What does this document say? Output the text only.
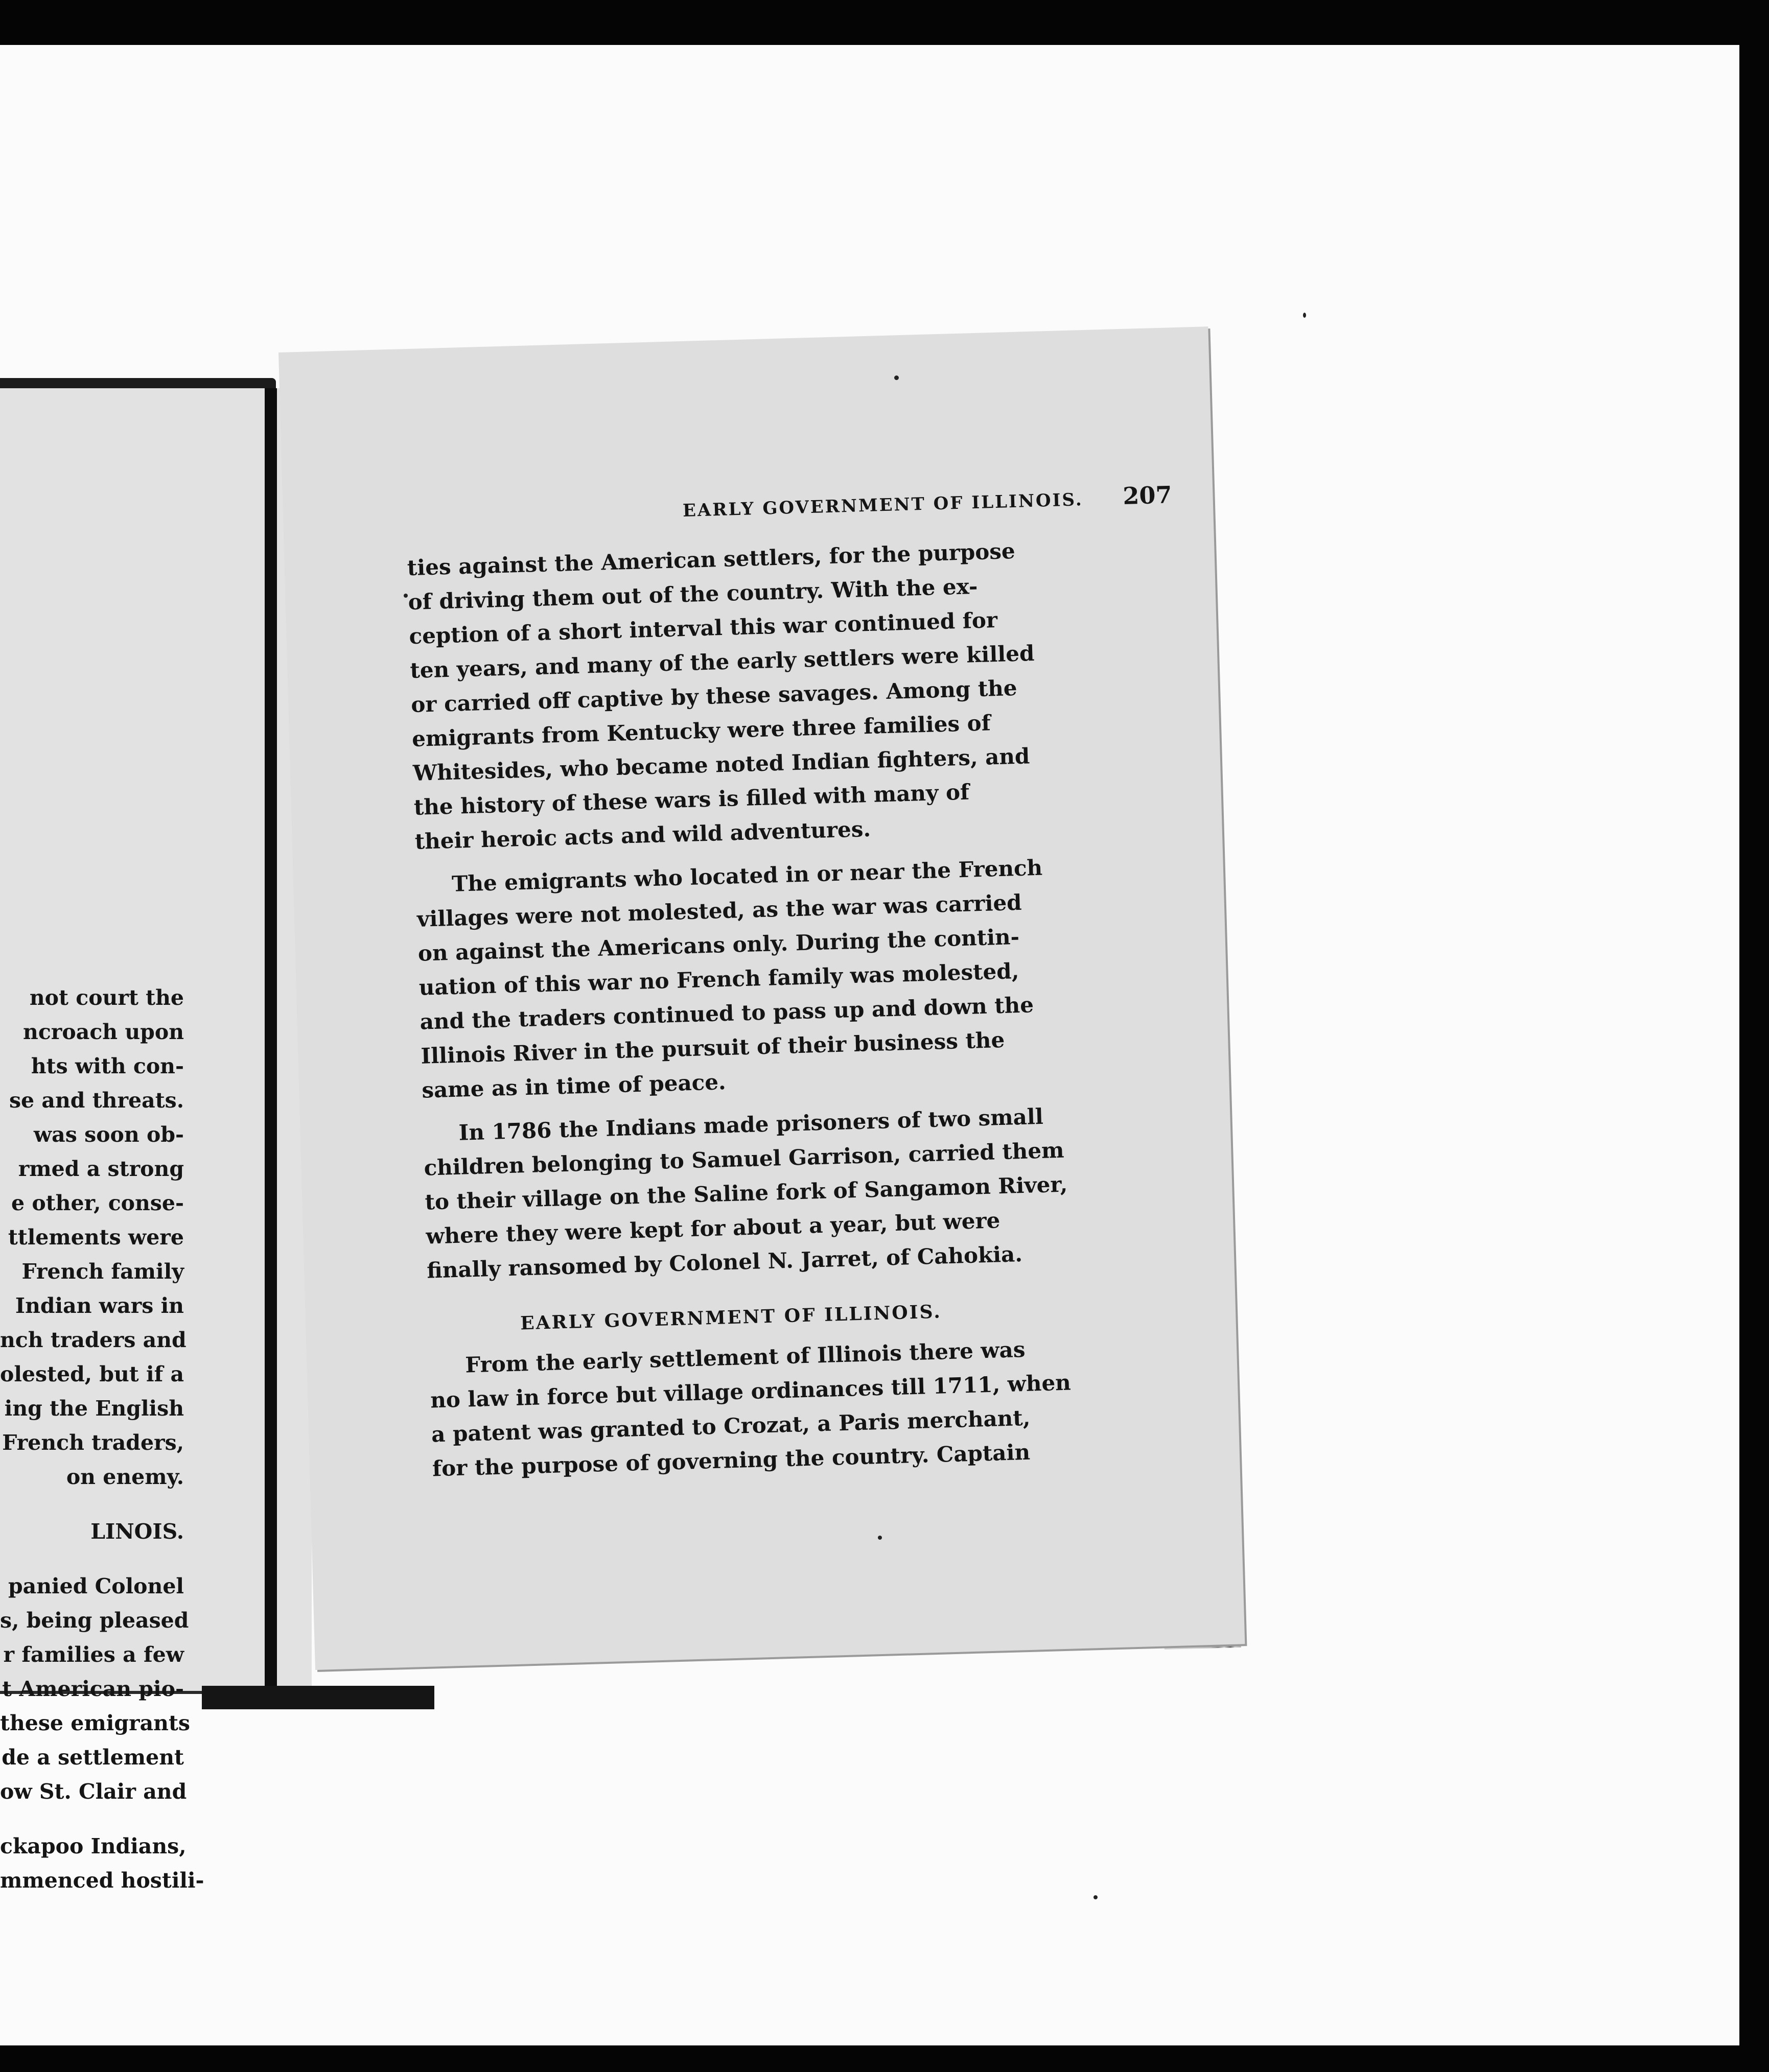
not court the
ncroach upon
hts with con-
se and threats.
was soon ob-
rmed a strong
e other, conse-
ttlements were
French family
Indian wars in
nch traders and
olested, but if a
ing the English
French traders,
on enemy.
LINOIS.
panied Colonel
s, being pleased
r families a few
t American pio-
these emigrants
de a settlement
ow St. Clair and
ckapoo Indians,
mmenced hostili-
EARLY GOVERNMENT OF ILLINOIS. 207
ties against the American settlers, for the purpose
of driving them out of the country. With the ex-
ception of a short interval this war continued for
ten years, and many of the early settlers were killed
or carried off captive by these savages. Among the
emigrants from Kentucky were three families of
Whitesides, who became noted Indian fighters, and
the history of these wars is filled with many of
their heroic acts and wild adventures.
The emigrants who located in or near the French
villages were not molested, as the war was carried
on against the Americans only. During the contin-
uation of this war no French family was molested,
and the traders continued to pass up and down the
Illinois River in the pursuit of their business the
same as in time of peace.
In 1786 the Indians made prisoners of two small
children belonging to Samuel Garrison, carried them
to their village on the Saline fork of Sangamon River,
where they were kept for about a year, but were
finally ransomed by Colonel N. Jarret, of Cahokia.
EARLY GOVERNMENT OF ILLINOIS.
From the early settlement of Illinois there was
no law in force but village ordinances till 1711, when
a patent was granted to Crozat, a Paris merchant,
for the purpose of governing the country. Captain
